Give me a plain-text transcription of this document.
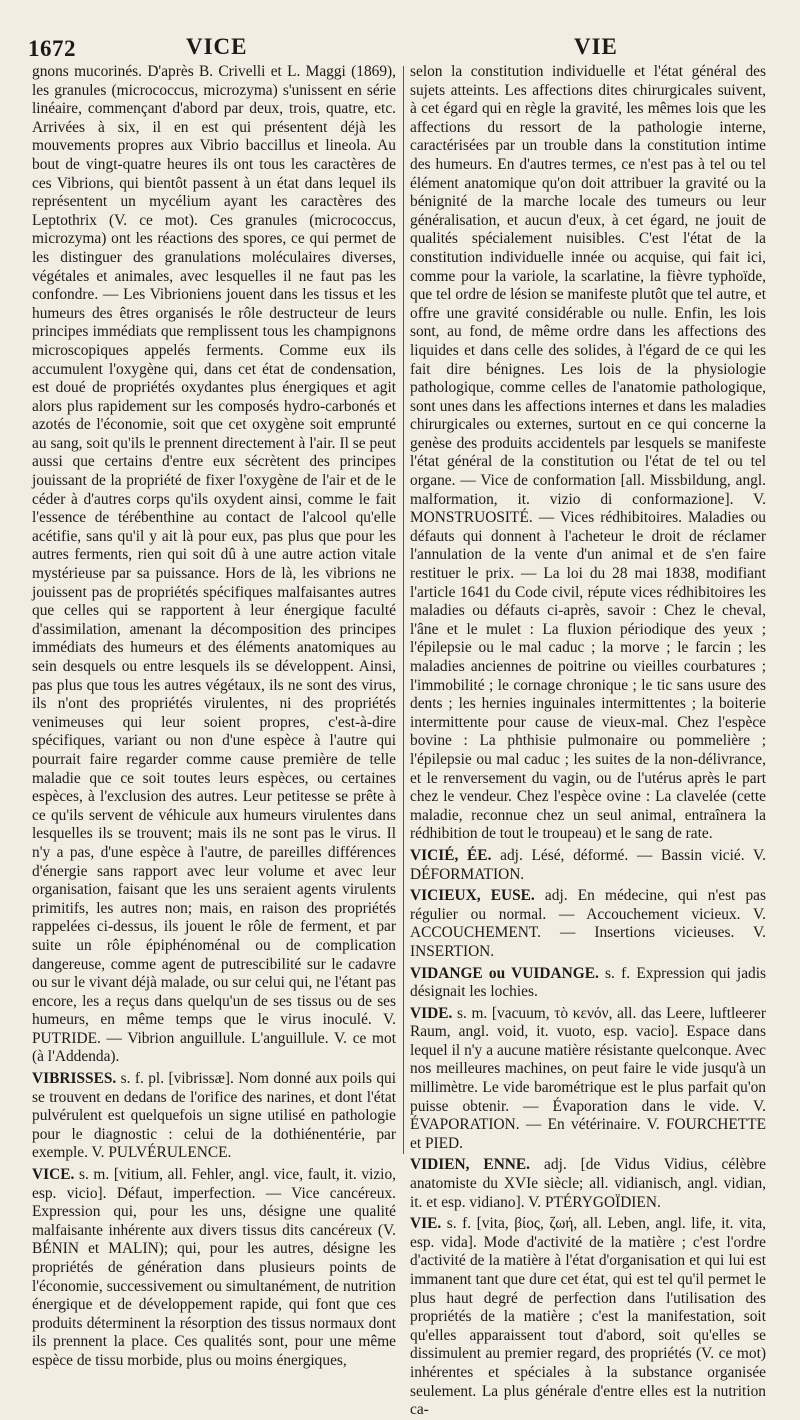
1672	VICE	VIE

gnons mucorinés. D'après B. Crivelli et L. Maggi (1869), les granules (micrococcus, microzyma) s'unissent en série linéaire, commençant d'abord par deux, trois, quatre, etc. Arrivées à six, il en est qui présentent déjà les mouvements propres aux Vibrio baccillus et lineola. Au bout de vingt-quatre heures ils ont tous les caractères de ces Vibrions, qui bientôt passent à un état dans lequel ils représentent un mycélium ayant les caractères des Leptothrix (V. ce mot). Ces granules (micrococcus, microzyma) ont les réactions des spores, ce qui permet de les distinguer des granulations moléculaires diverses, végétales et animales, avec lesquelles il ne faut pas les confondre. — Les Vibrioniens jouent dans les tissus et les humeurs des êtres organisés le rôle destructeur de leurs principes immédiats que remplissent tous les champignons microscopiques appelés ferments. Comme eux ils accumulent l'oxygène qui, dans cet état de condensation, est doué de propriétés oxydantes plus énergiques et agit alors plus rapidement sur les composés hydro-carbonés et azotés de l'économie, soit que cet oxygène soit emprunté au sang, soit qu'ils le prennent directement à l'air. Il se peut aussi que certains d'entre eux sécrètent des principes jouissant de la propriété de fixer l'oxygène de l'air et de le céder à d'autres corps qu'ils oxydent ainsi, comme le fait l'essence de térébenthine au contact de l'alcool qu'elle acétifie, sans qu'il y ait là pour eux, pas plus que pour les autres ferments, rien qui soit dû à une autre action vitale mystérieuse par sa puissance. Hors de là, les vibrions ne jouissent pas de propriétés spécifiques malfaisantes autres que celles qui se rapportent à leur énergique faculté d'assimilation, amenant la décomposition des principes immédiats des humeurs et des éléments anatomiques au sein desquels ou entre lesquels ils se développent. Ainsi, pas plus que tous les autres végétaux, ils ne sont des virus, ils n'ont des propriétés virulentes, ni des propriétés venimeuses qui leur soient propres, c'est-à-dire spécifiques, variant ou non d'une espèce à l'autre qui pourrait faire regarder comme cause première de telle maladie que ce soit toutes leurs espèces, ou certaines espèces, à l'exclusion des autres. Leur petitesse se prête à ce qu'ils servent de véhicule aux humeurs virulentes dans lesquelles ils se trouvent; mais ils ne sont pas le virus. Il n'y a pas, d'une espèce à l'autre, de pareilles différences d'énergie sans rapport avec leur volume et avec leur organisation, faisant que les uns seraient agents virulents primitifs, les autres non; mais, en raison des propriétés rappelées ci-dessus, ils jouent le rôle de ferment, et par suite un rôle épiphénoménal ou de complication dangereuse, comme agent de putrescibilité sur le cadavre ou sur le vivant déjà malade, ou sur celui qui, ne l'étant pas encore, les a reçus dans quelqu'un de ses tissus ou de ses humeurs, en même temps que le virus inoculé. V. PUTRIDE. — Vibrion anguillule. L'anguillule. V. ce mot (à l'Addenda).

VIBRISSES. s. f. pl. [vibrissæ]. Nom donné aux poils qui se trouvent en dedans de l'orifice des narines, et dont l'état pulvérulent est quelquefois un signe utilisé en pathologie pour le diagnostic : celui de la dothiénentérie, par exemple. V. PULVÉRULENCE.

VICE. s. m. [vitium, all. Fehler, angl. vice, fault, it. vizio, esp. vicio]. Défaut, imperfection. — Vice cancéreux. Expression qui, pour les uns, désigne une qualité malfaisante inhérente aux divers tissus dits cancéreux (V. BÉNIN et MALIN); qui, pour les autres, désigne les propriétés de génération dans plusieurs points de l'économie, successivement ou simultanément, de nutrition énergique et de développement rapide, qui font que ces produits déterminent la résorption des tissus normaux dont ils prennent la place. Ces qualités sont, pour une même espèce de tissu morbide, plus ou moins énergiques,

selon la constitution individuelle et l'état général des sujets atteints. Les affections dites chirurgicales suivent, à cet égard qui en règle la gravité, les mêmes lois que les affections du ressort de la pathologie interne, caractérisées par un trouble dans la constitution intime des humeurs. En d'autres termes, ce n'est pas à tel ou tel élément anatomique qu'on doit attribuer la gravité ou la bénignité de la marche locale des tumeurs ou leur généralisation, et aucun d'eux, à cet égard, ne jouit de qualités spécialement nuisibles. C'est l'état de la constitution individuelle innée ou acquise, qui fait ici, comme pour la variole, la scarlatine, la fièvre typhoïde, que tel ordre de lésion se manifeste plutôt que tel autre, et offre une gravité considérable ou nulle. Enfin, les lois sont, au fond, de même ordre dans les affections des liquides et dans celle des solides, à l'égard de ce qui les fait dire bénignes. Les lois de la physiologie pathologique, comme celles de l'anatomie pathologique, sont unes dans les affections internes et dans les maladies chirurgicales ou externes, surtout en ce qui concerne la genèse des produits accidentels par lesquels se manifeste l'état général de la constitution ou l'état de tel ou tel organe. — Vice de conformation [all. Missbildung, angl. malformation, it. vizio di conformazione]. V. MONSTRUOSITÉ. — Vices rédhibitoires. Maladies ou défauts qui donnent à l'acheteur le droit de réclamer l'annulation de la vente d'un animal et de s'en faire restituer le prix. — La loi du 28 mai 1838, modifiant l'article 1641 du Code civil, répute vices rédhibitoires les maladies ou défauts ci-après, savoir : Chez le cheval, l'âne et le mulet : La fluxion périodique des yeux ; l'épilepsie ou le mal caduc ; la morve ; le farcin ; les maladies anciennes de poitrine ou vieilles courbatures ; l'immobilité ; le cornage chronique ; le tic sans usure des dents ; les hernies inguinales intermittentes ; la boiterie intermittente pour cause de vieux-mal. Chez l'espèce bovine : La phthisie pulmonaire ou pommelière ; l'épilepsie ou mal caduc ; les suites de la non-délivrance, et le renversement du vagin, ou de l'utérus après le part chez le vendeur. Chez l'espèce ovine : La clavelée (cette maladie, reconnue chez un seul animal, entraînera la rédhibition de tout le troupeau) et le sang de rate.

VICIÉ, ÉE. adj. Lésé, déformé. — Bassin vicié. V. DÉFORMATION.

VICIEUX, EUSE. adj. En médecine, qui n'est pas régulier ou normal. — Accouchement vicieux. V. ACCOUCHEMENT. — Insertions vicieuses. V. INSERTION.

VIDANGE ou VUIDANGE. s. f. Expression qui jadis désignait les lochies.

VIDE. s. m. [vacuum, τὸ κενόν, all. das Leere, luftleerer Raum, angl. void, it. vuoto, esp. vacio]. Espace dans lequel il n'y a aucune matière résistante quelconque. Avec nos meilleures machines, on peut faire le vide jusqu'à un millimètre. Le vide barométrique est le plus parfait qu'on puisse obtenir. — Évaporation dans le vide. V. ÉVAPORATION. — En vétérinaire. V. FOURCHETTE et PIED.

VIDIEN, ENNE. adj. [de Vidus Vidius, célèbre anatomiste du XVIe siècle; all. vidianisch, angl. vidian, it. et esp. vidiano]. V. PTÉRYGOÏDIEN.

VIE. s. f. [vita, βίος, ζωή, all. Leben, angl. life, it. vita, esp. vida]. Mode d'activité de la matière ; c'est l'ordre d'activité de la matière à l'état d'organisation et qui lui est immanent tant que dure cet état, qui est tel qu'il permet le plus haut degré de perfection dans l'utilisation des propriétés de la matière ; c'est la manifestation, soit qu'elles apparaissent tout d'abord, soit qu'elles se dissimulent au premier regard, des propriétés (V. ce mot) inhérentes et spéciales à la substance organisée seulement. La plus générale d'entre elles est la nutrition ca-
